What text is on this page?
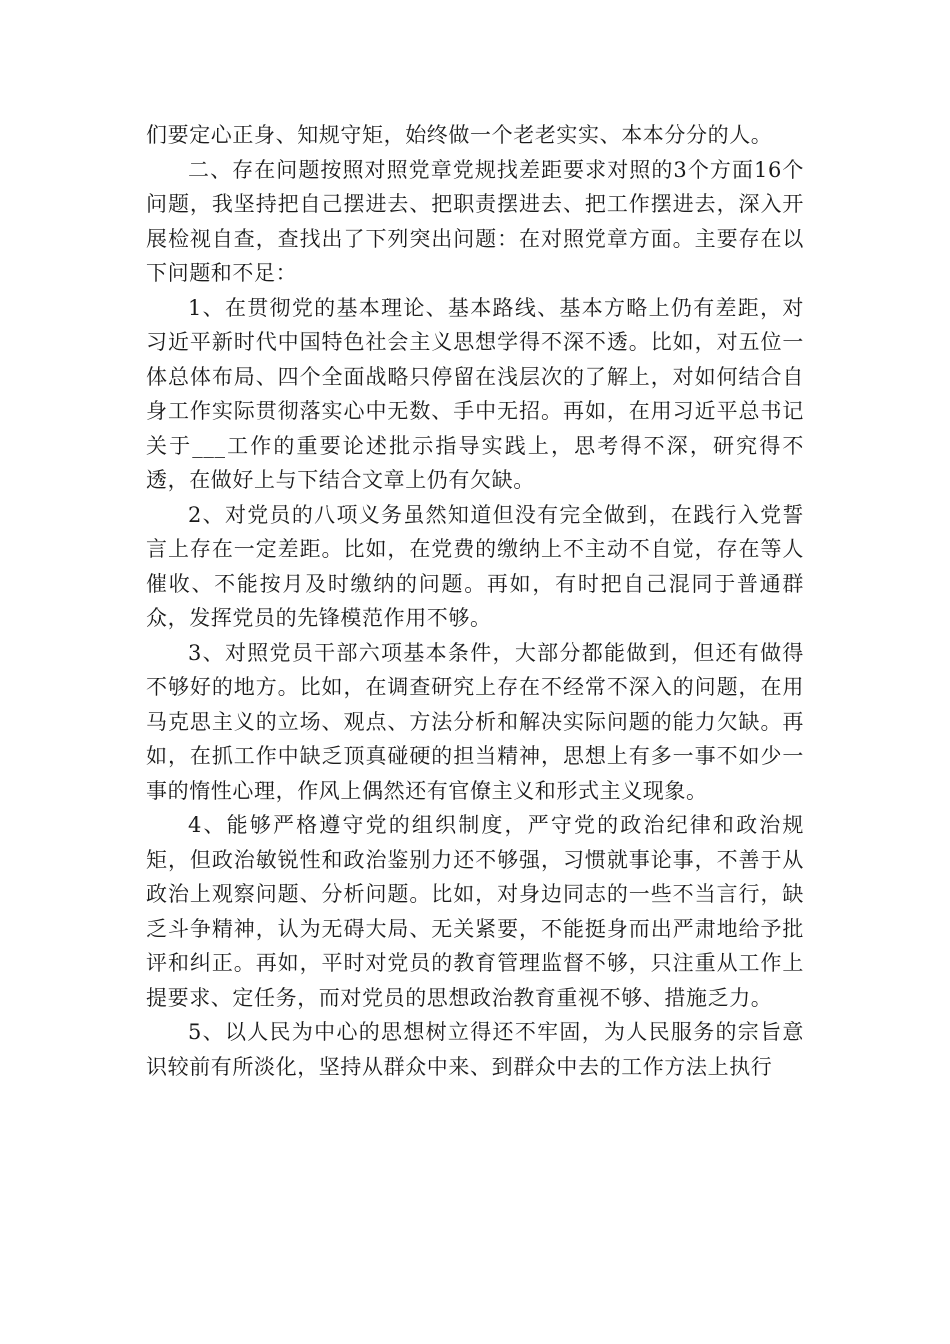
们要定心正身、知规守矩，始终做一个老老实实、本本分分的人。

二、存在问题按照对照党章党规找差距要求对照的3个方面16个问题，我坚持把自己摆进去、把职责摆进去、把工作摆进去，深入开展检视自查，查找出了下列突出问题：在对照党章方面。主要存在以下问题和不足：

1、在贯彻党的基本理论、基本路线、基本方略上仍有差距，对习近平新时代中国特色社会主义思想学得不深不透。比如，对五位一体总体布局、四个全面战略只停留在浅层次的了解上，对如何结合自身工作实际贯彻落实心中无数、手中无招。再如，在用习近平总书记关于___工作的重要论述批示指导实践上，思考得不深，研究得不透，在做好上与下结合文章上仍有欠缺。

2、对党员的八项义务虽然知道但没有完全做到，在践行入党誓言上存在一定差距。比如，在党费的缴纳上不主动不自觉，存在等人催收、不能按月及时缴纳的问题。再如，有时把自己混同于普通群众，发挥党员的先锋模范作用不够。

3、对照党员干部六项基本条件，大部分都能做到，但还有做得不够好的地方。比如，在调查研究上存在不经常不深入的问题，在用马克思主义的立场、观点、方法分析和解决实际问题的能力欠缺。再如，在抓工作中缺乏顶真碰硬的担当精神，思想上有多一事不如少一事的惰性心理，作风上偶然还有官僚主义和形式主义现象。

4、能够严格遵守党的组织制度，严守党的政治纪律和政治规矩，但政治敏锐性和政治鉴别力还不够强，习惯就事论事，不善于从政治上观察问题、分析问题。比如，对身边同志的一些不当言行，缺乏斗争精神，认为无碍大局、无关紧要，不能挺身而出严肃地给予批评和纠正。再如，平时对党员的教育管理监督不够，只注重从工作上提要求、定任务，而对党员的思想政治教育重视不够、措施乏力。

5、以人民为中心的思想树立得还不牢固，为人民服务的宗旨意识较前有所淡化，坚持从群众中来、到群众中去的工作方法上执行
